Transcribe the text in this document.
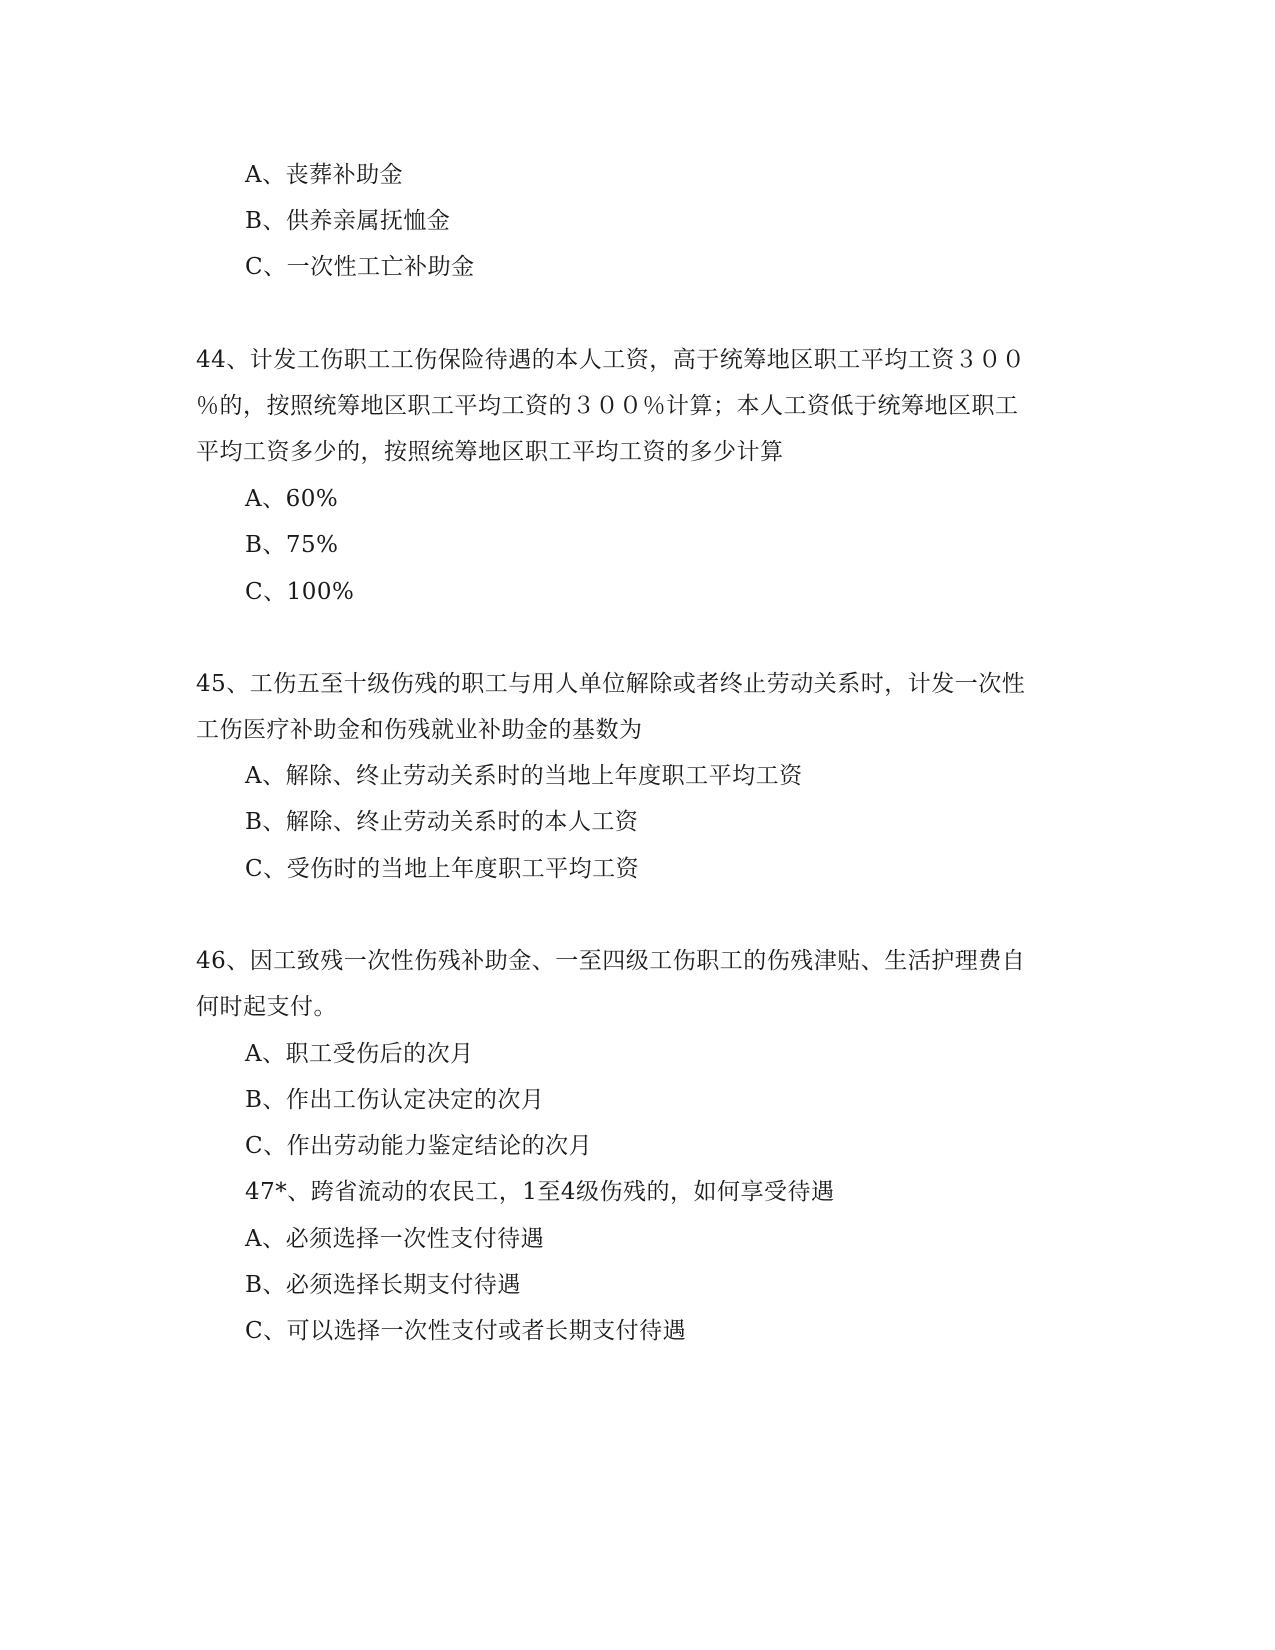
A、丧葬补助金
B、供养亲属抚恤金
C、一次性工亡补助金
44、计发工伤职工工伤保险待遇的本人工资，高于统筹地区职工平均工资３００
％的，按照统筹地区职工平均工资的３００％计算；本人工资低于统筹地区职工
平均工资多少的，按照统筹地区职工平均工资的多少计算
A、60%
B、75%
C、100%
45、工伤五至十级伤残的职工与用人单位解除或者终止劳动关系时，计发一次性
工伤医疗补助金和伤残就业补助金的基数为
A、解除、终止劳动关系时的当地上年度职工平均工资
B、解除、终止劳动关系时的本人工资
C、受伤时的当地上年度职工平均工资
46、因工致残一次性伤残补助金、一至四级工伤职工的伤残津贴、生活护理费自
何时起支付。
A、职工受伤后的次月
B、作出工伤认定决定的次月
C、作出劳动能力鉴定结论的次月
47*、跨省流动的农民工，1至4级伤残的，如何享受待遇
A、必须选择一次性支付待遇
B、必须选择长期支付待遇
C、可以选择一次性支付或者长期支付待遇
